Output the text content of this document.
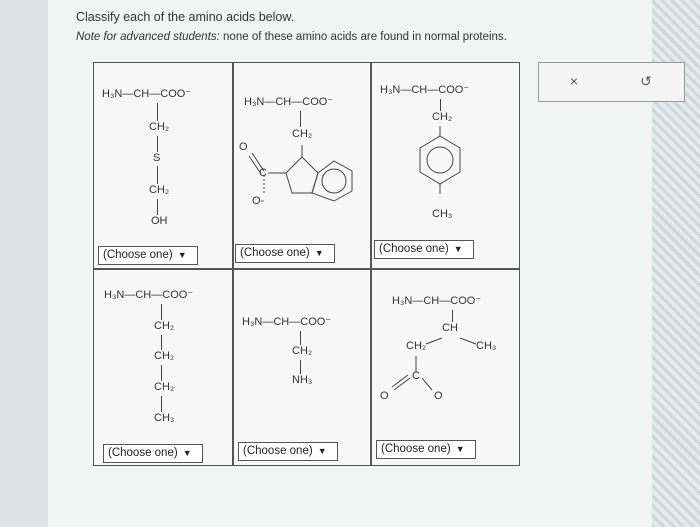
Classify each of the amino acids below.
Note for advanced students: none of these amino acids are found in normal proteins.
H₃N—CH—COO⁻
CH₂
S
CH₂
OH
H₃N—CH—COO⁻
CH₂
O
C
O-
H₃N—CH—COO⁻
CH₂
CH₃
H₃N—CH—COO⁻
CH₂
CH₂
CH₂
CH₃
H₃N—CH—COO⁻
CH₂
NH₃
H₃N—CH—COO⁻
CH
CH₂	CH₃
C
O	O
(Choose one) ▼	(Choose one) ▼	(Choose one) ▼
(Choose one) ▼	(Choose one) ▼	(Choose one) ▼
×	↺
